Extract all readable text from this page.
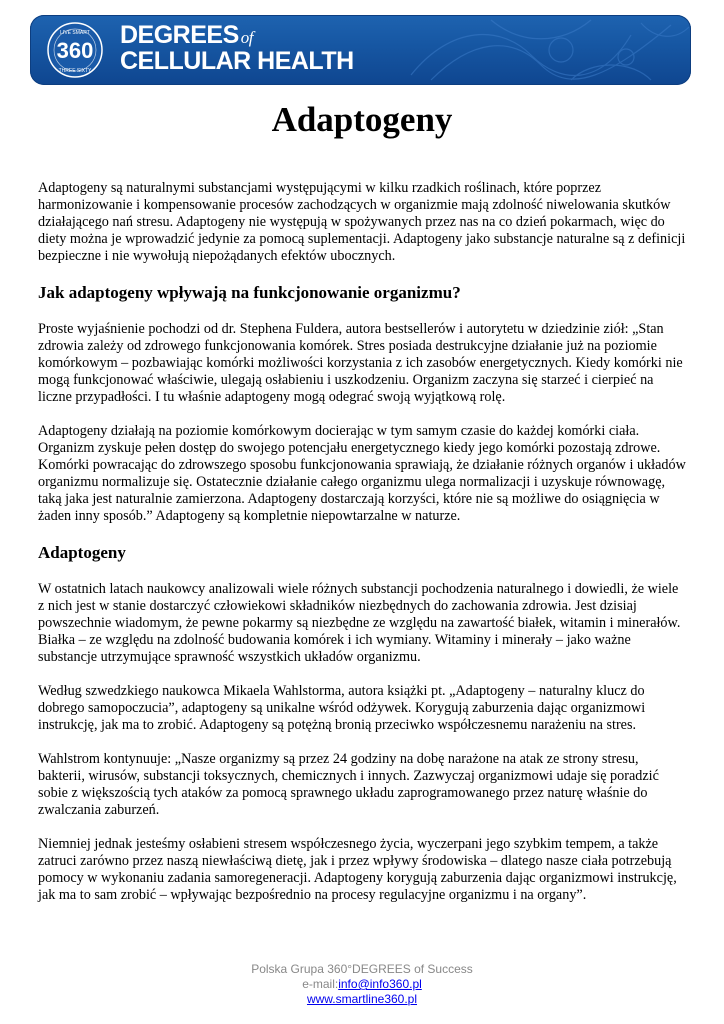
360
LIVE SMART
THREE SIXTY
DEGREES of
CELLULAR HEALTH
Adaptogeny

Adaptogeny są naturalnymi substancjami występującymi w kilku rzadkich roślinach, które poprzez harmonizowanie i kompensowanie procesów zachodzących w organizmie mają zdolność niwelowania skutków działającego nań stresu. Adaptogeny nie występują w spożywanych przez nas na co dzień pokarmach, więc do diety można je wprowadzić jedynie za pomocą suplementacji. Adaptogeny jako substancje naturalne są z definicji bezpieczne i nie wywołują niepożądanych efektów ubocznych.

Jak adaptogeny wpływają na funkcjonowanie organizmu?

Proste wyjaśnienie pochodzi od dr. Stephena Fuldera, autora bestsellerów i autorytetu w dziedzinie ziół: „Stan zdrowia zależy od zdrowego funkcjonowania komórek. Stres posiada destrukcyjne działanie już na poziomie komórkowym – pozbawiając komórki możliwości korzystania z ich zasobów energetycznych. Kiedy komórki nie mogą funkcjonować właściwie, ulegają osłabieniu i uszkodzeniu. Organizm zaczyna się starzeć i cierpieć na liczne przypadłości. I tu właśnie adaptogeny mogą odegrać swoją wyjątkową rolę.

Adaptogeny działają na poziomie komórkowym docierając w tym samym czasie do każdej komórki ciała. Organizm zyskuje pełen dostęp do swojego potencjału energetycznego kiedy jego komórki pozostają zdrowe. Komórki powracając do zdrowszego sposobu funkcjonowania sprawiają, że działanie różnych organów i układów organizmu normalizuje się. Ostatecznie działanie całego organizmu ulega normalizacji i uzyskuje równowagę, taką jaka jest naturalnie zamierzona. Adaptogeny dostarczają korzyści, które nie są możliwe do osiągnięcia w żaden inny sposób.” Adaptogeny są kompletnie niepowtarzalne w naturze.

Adaptogeny

W ostatnich latach naukowcy analizowali wiele różnych substancji pochodzenia naturalnego i dowiedli, że wiele z nich jest w stanie dostarczyć człowiekowi składników niezbędnych do zachowania zdrowia. Jest dzisiaj powszechnie wiadomym, że pewne pokarmy są niezbędne ze względu na zawartość białek, witamin i minerałów. Białka – ze względu na zdolność budowania komórek i ich wymiany. Witaminy i minerały – jako ważne substancje utrzymujące sprawność wszystkich układów organizmu.

Według szwedzkiego naukowca Mikaela Wahlstorma, autora książki pt. „Adaptogeny – naturalny klucz do dobrego samopoczucia”, adaptogeny są unikalne wśród odżywek. Korygują zaburzenia dając organizmowi instrukcję, jak ma to zrobić. Adaptogeny są potężną bronią przeciwko współczesnemu narażeniu na stres.

Wahlstrom kontynuuje: „Nasze organizmy są przez 24 godziny na dobę narażone na atak ze strony stresu, bakterii, wirusów, substancji toksycznych, chemicznych i innych. Zazwyczaj organizmowi udaje się poradzić sobie z większością tych ataków za pomocą sprawnego układu zaprogramowanego przez naturę właśnie do zwalczania zaburzeń.

Niemniej jednak jesteśmy osłabieni stresem współczesnego życia, wyczerpani jego szybkim tempem, a także zatruci zarówno przez naszą niewłaściwą dietę, jak i przez wpływy środowiska – dlatego nasze ciała potrzebują pomocy w wykonaniu zadania samoregeneracji. Adaptogeny korygują zaburzenia dając organizmowi instrukcję, jak ma to sam zrobić – wpływając bezpośrednio na procesy regulacyjne organizmu i na organy”.

Polska Grupa 360°DEGREES of Success
e-mail:info@info360.pl
www.smartline360.pl
